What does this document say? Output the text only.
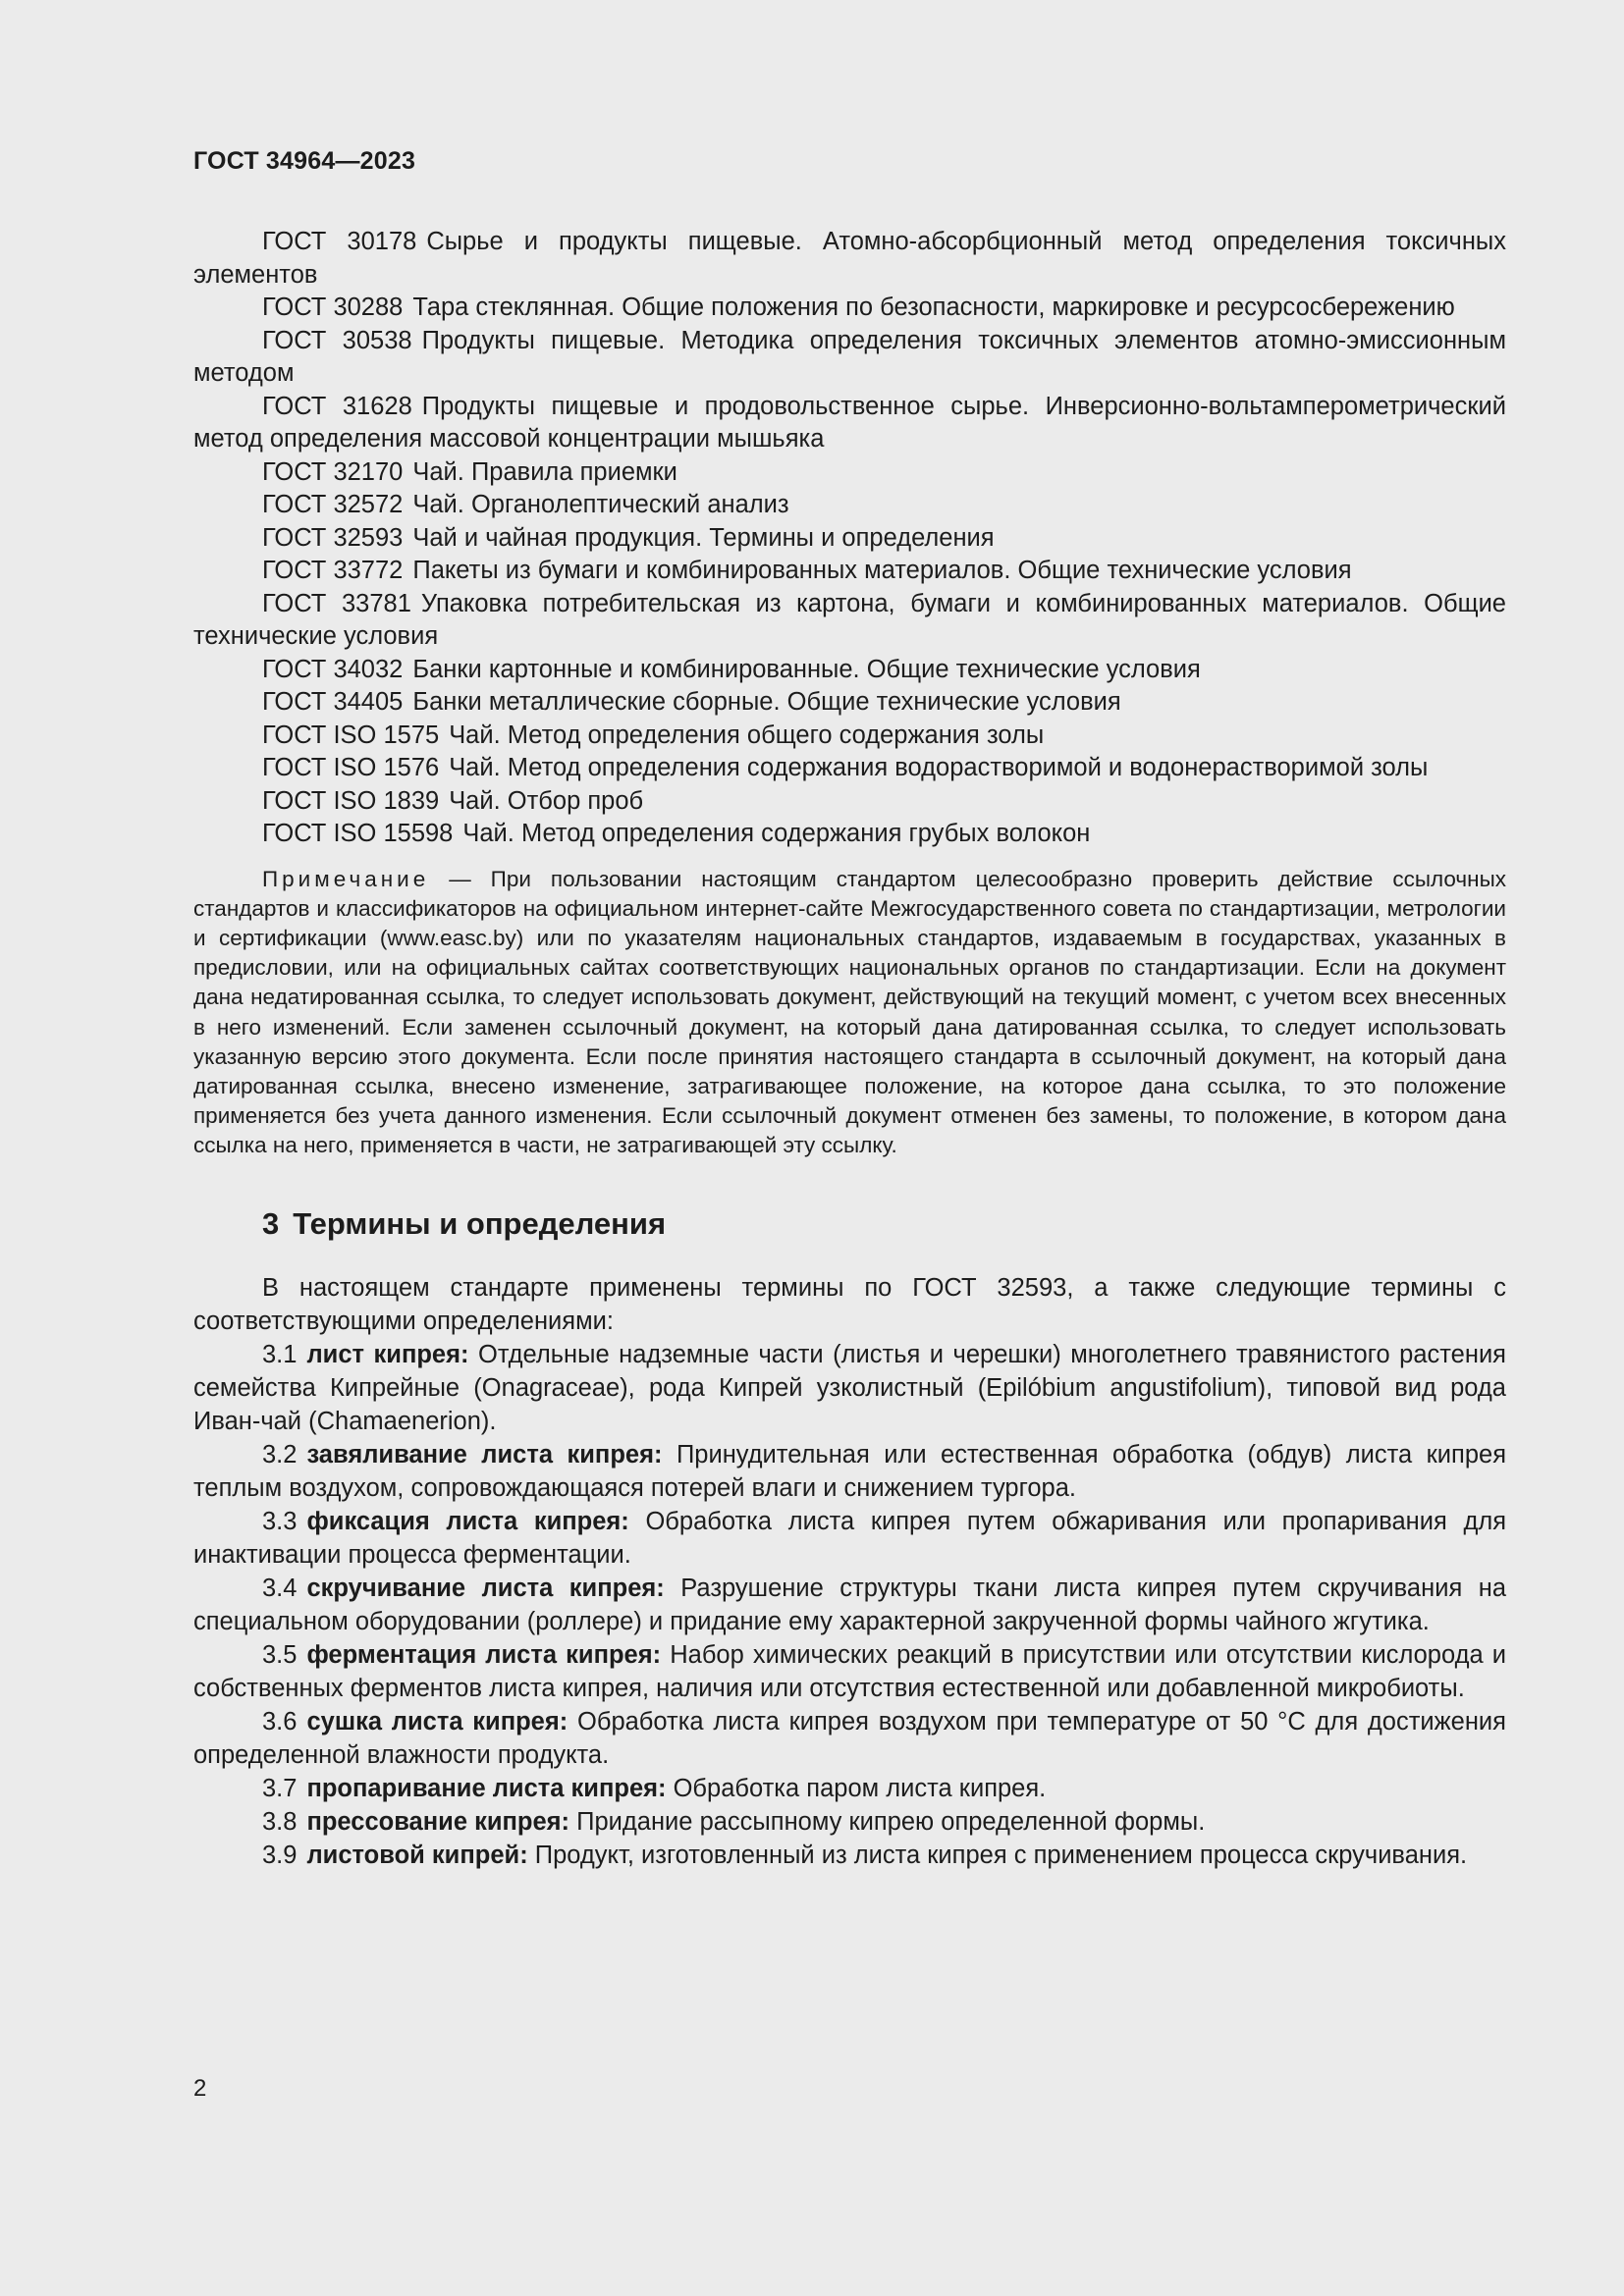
ГОСТ 34964—2023

ГОСТ 30178 Сырье и продукты пищевые. Атомно-абсорбционный метод определения токсичных элементов

ГОСТ 30288 Тара стеклянная. Общие положения по безопасности, маркировке и ресурсосбережению

ГОСТ 30538 Продукты пищевые. Методика определения токсичных элементов атомно-эмиссионным методом

ГОСТ 31628 Продукты пищевые и продовольственное сырье. Инверсионно-вольтамперометрический метод определения массовой концентрации мышьяка

ГОСТ 32170 Чай. Правила приемки

ГОСТ 32572 Чай. Органолептический анализ

ГОСТ 32593 Чай и чайная продукция. Термины и определения

ГОСТ 33772 Пакеты из бумаги и комбинированных материалов. Общие технические условия

ГОСТ 33781 Упаковка потребительская из картона, бумаги и комбинированных материалов. Общие технические условия

ГОСТ 34032 Банки картонные и комбинированные. Общие технические условия

ГОСТ 34405 Банки металлические сборные. Общие технические условия

ГОСТ ISO 1575 Чай. Метод определения общего содержания золы

ГОСТ ISO 1576 Чай. Метод определения содержания водорастворимой и водонерастворимой золы

ГОСТ ISO 1839 Чай. Отбор проб

ГОСТ ISO 15598 Чай. Метод определения содержания грубых волокон

Примечание — При пользовании настоящим стандартом целесообразно проверить действие ссылочных стандартов и классификаторов на официальном интернет-сайте Межгосударственного совета по стандартизации, метрологии и сертификации (www.easc.by) или по указателям национальных стандартов, издаваемым в государствах, указанных в предисловии, или на официальных сайтах соответствующих национальных органов по стандартизации. Если на документ дана недатированная ссылка, то следует использовать документ, действующий на текущий момент, с учетом всех внесенных в него изменений. Если заменен ссылочный документ, на который дана датированная ссылка, то следует использовать указанную версию этого документа. Если после принятия настоящего стандарта в ссылочный документ, на который дана датированная ссылка, внесено изменение, затрагивающее положение, на которое дана ссылка, то это положение применяется без учета данного изменения. Если ссылочный документ отменен без замены, то положение, в котором дана ссылка на него, применяется в части, не затрагивающей эту ссылку.

3 Термины и определения

В настоящем стандарте применены термины по ГОСТ 32593, а также следующие термины с соответствующими определениями:

3.1 лист кипрея: Отдельные надземные части (листья и черешки) многолетнего травянистого растения семейства Кипрейные (Onagraceae), рода Кипрей узколистный (Epilóbium angustifolium), типовой вид рода Иван-чай (Chamaenerion).

3.2 завяливание листа кипрея: Принудительная или естественная обработка (обдув) листа кипрея теплым воздухом, сопровождающаяся потерей влаги и снижением тургора.

3.3 фиксация листа кипрея: Обработка листа кипрея путем обжаривания или пропаривания для инактивации процесса ферментации.

3.4 скручивание листа кипрея: Разрушение структуры ткани листа кипрея путем скручивания на специальном оборудовании (роллере) и придание ему характерной закрученной формы чайного жгутика.

3.5 ферментация листа кипрея: Набор химических реакций в присутствии или отсутствии кислорода и собственных ферментов листа кипрея, наличия или отсутствия естественной или добавленной микробиоты.

3.6 сушка листа кипрея: Обработка листа кипрея воздухом при температуре от 50 °С для достижения определенной влажности продукта.

3.7 пропаривание листа кипрея: Обработка паром листа кипрея.

3.8 прессование кипрея: Придание рассыпному кипрею определенной формы.

3.9 листовой кипрей: Продукт, изготовленный из листа кипрея с применением процесса скручивания.

2
